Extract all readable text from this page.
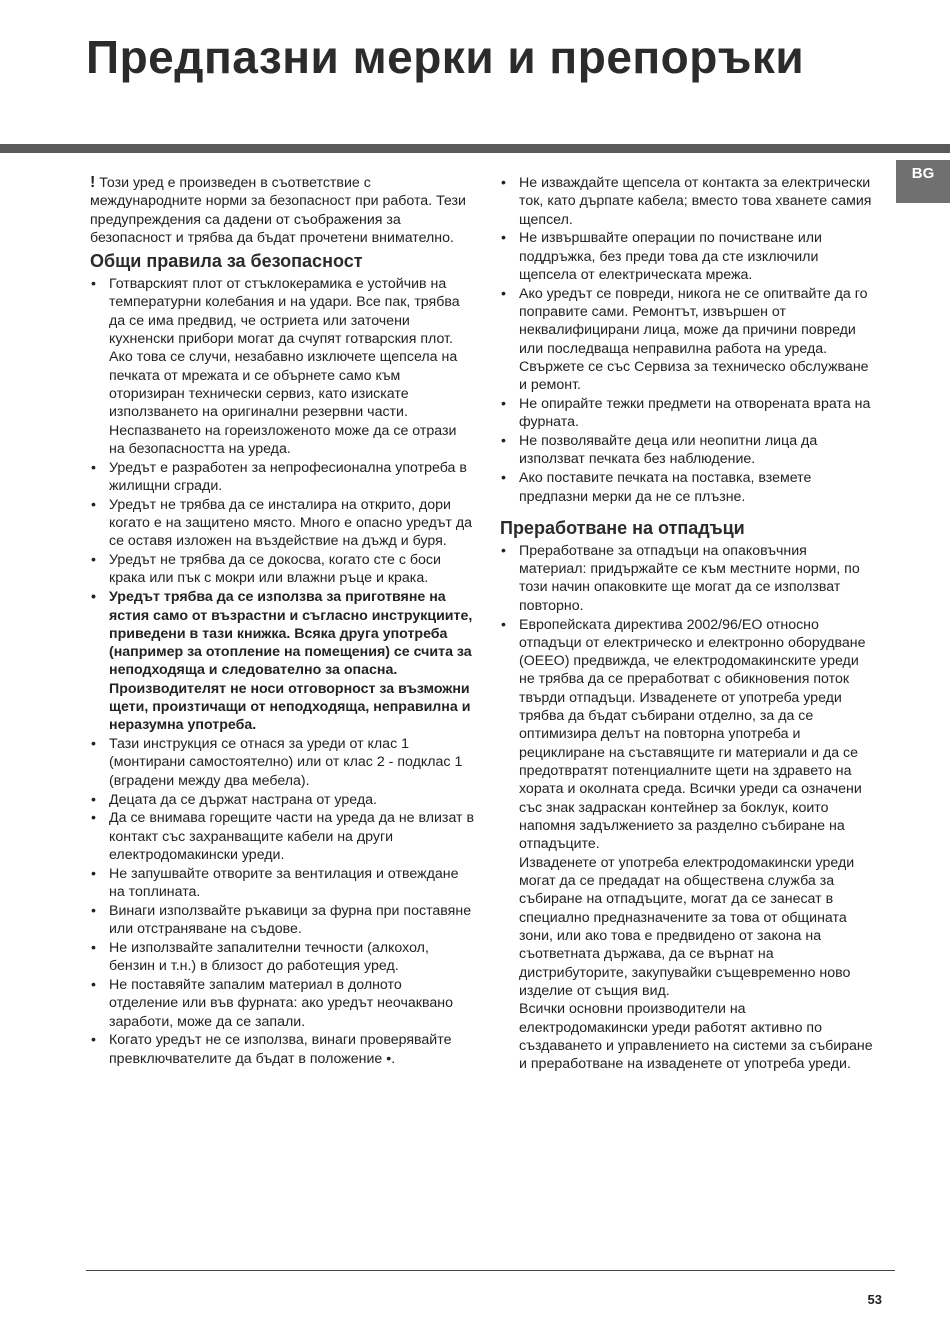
Предпазни мерки и препоръки
BG

! Този уред е произведен в съответствие с международните норми за безопасност при работа. Тези предупреждения са дадени от съображения за безопасност и трябва да бъдат прочетени внимателно.

Общи правила за безопасност
• Готварският плот от стъклокерамика е устойчив на температурни колебания и на удари. Все пак, трябва да се има предвид, че остриета или заточени кухненски прибори могат да счупят готварския плот. Ако това се случи, незабавно изключете щепсела на печката от мрежата и се обърнете само към оторизиран технически сервиз, като изискате използването на оригинални резервни части. Неспазването на гореизложеното може да се отрази на безопасността на уреда.
• Уредът е разработен за непрофесионална употреба в жилищни сгради.
• Уредът не трябва да се инсталира на открито, дори когато е на защитено място. Много е опасно уредът да се оставя изложен на въздействие на дъжд и буря.
• Уредът не трябва да се докосва, когато сте с боси крака или пък с мокри или влажни ръце и крака.
• Уредът трябва да се използва за приготвяне на ястия само от възрастни и съгласно инструкциите, приведени в тази книжка. Всяка друга употреба (например за отопление на помещения) се счита за неподходяща и следователно за опасна. Производителят не носи отговорност за възможни щети, произтичащи от неподходяща, неправилна и неразумна употреба.
• Тази инструкция се отнася за уреди от клас 1 (монтирани самостоятелно) или от клас 2 - подклас 1 (вградени между два мебела).
• Децата да се държат настрана от уреда.
• Да се внимава горещите части на уреда да не влизат в контакт със захранващите кабели на други електродомакински уреди.
• Не запушвайте отворите за вентилация и отвеждане на топлината.
• Винаги използвайте ръкавици за фурна при поставяне или отстраняване на съдове.
• Не използвайте запалителни течности (алкохол, бензин и т.н.) в близост до работещия уред.
• Не поставяйте запалим материал в долното отделение или във фурната: ако уредът неочаквано заработи, може да се запали.
• Когато уредът не се използва, винаги проверявайте превключвателите да бъдат в положение •.
• Не изваждайте щепсела от контакта за електрически ток, като дърпате кабела; вместо това хванете самия щепсел.
• Не извършвайте операции по почистване или поддръжка, без преди това да сте изключили щепсела от електрическата мрежа.
• Ако уредът се повреди, никога не се опитвайте да го поправите сами. Ремонтът, извършен от неквалифицирани лица, може да причини повреди или последваща неправилна работа на уреда. Свържете се със Сервиза за техническо обслужване и ремонт.
• Не опирайте тежки предмети на отворената врата на фурната.
• Не позволявайте деца или неопитни лица да използват печката без наблюдение.
• Ако поставите печката на поставка, вземете предпазни мерки да не се плъзне.
Преработване на отпадъци
• Преработване за отпадъци на опаковъчния материал: придържайте се към местните норми, по този начин опаковките ще могат да се използват повторно.
• Европейската директива 2002/96/ЕО относно отпадъци от електрическо и електронно оборудване (ОЕЕО) предвижда, че електродомакинските уреди не трябва да се преработват с обикновения поток твърди отпадъци. Изваденете от употреба уреди трябва да бъдат събирани отделно, за да се оптимизира делът на повторна употреба и рециклиране на съставящите ги материали и да се предотвратят потенциалните щети на здравето на хората и околната среда. Всички уреди са означени със знак задраскан контейнер за боклук, които напомня задължението за разделно събиране на отпадъците.

Изваденете от употреба електродомакински уреди могат да се предадат на обществена служба за събиране на отпадъците, могат да се занесат в специално предназначените за това от общината зони, или ако това е предвидено от закона на съответната държава, да се върнат на дистрибуторите, закупувайки същевременно ново изделие от същия вид.

Всички основни производители на електродомакински уреди работят активно по създаването и управлението на системи за събиране и преработване на изваденете от употреба уреди.

53
